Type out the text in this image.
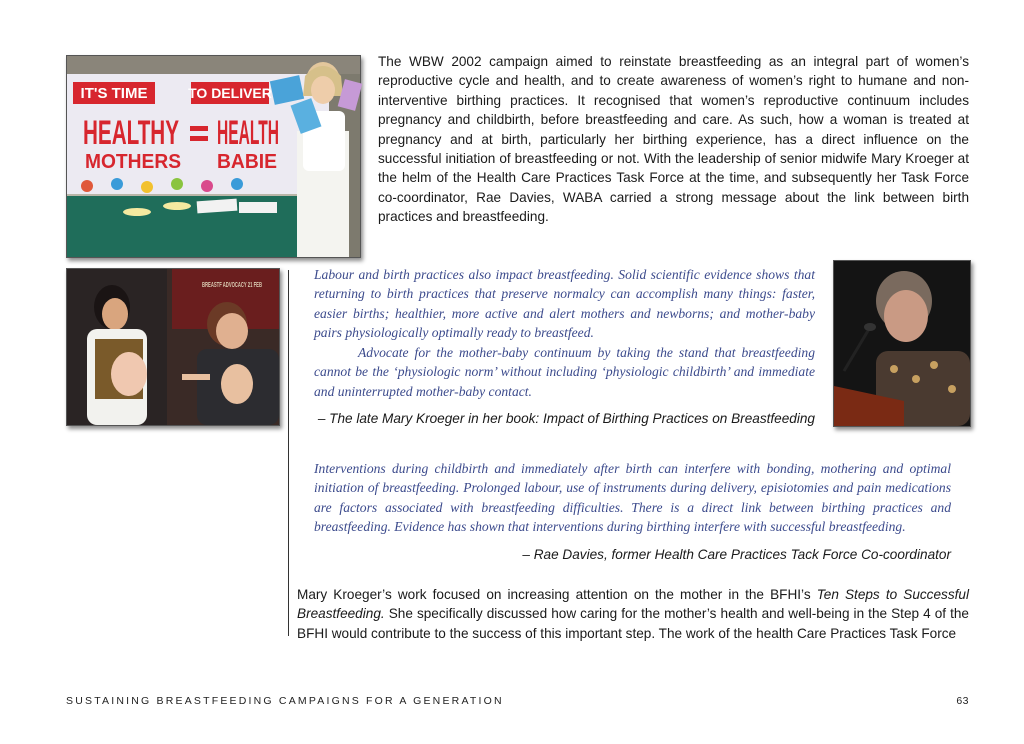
IT'S TIME	TO DELIVER
HEALTHY HEALTH
MOTHERS BABIE

The WBW 2002 campaign aimed to reinstate breastfeeding as an integral part of women’s reproductive cycle and health, and to create awareness of women’s right to humane and non-interventive birthing practices. It recognised that women’s reproductive continuum includes pregnancy and childbirth, before breastfeeding and care. As such, how a woman is treated at pregnancy and at birth, particularly her birthing experience, has a direct influence on the successful initiation of breastfeeding or not. With the leadership of senior midwife Mary Kroeger at the helm of the Health Care Practices Task Force at the time, and subsequently her Task Force co-coordinator, Rae Davies, WABA carried a strong message about the link between birth practices and breastfeeding.

BREASTF ADVOCACY 21 FEB

Labour and birth practices also impact breastfeeding. Solid scientific evidence shows that returning to birth practices that preserve normalcy can accomplish many things: faster, easier births; healthier, more active and alert mothers and newborns; and mother-baby pairs physiologically optimally ready to breastfeed.

Advocate for the mother-baby continuum by taking the stand that breastfeeding cannot be the ‘physiologic norm’ without including ‘physiologic childbirth’ and immediate and uninterrupted mother-baby contact.

– The late Mary Kroeger in her book: Impact of Birthing Practices on Breastfeeding

Interventions during childbirth and immediately after birth can interfere with bonding, mothering and optimal initiation of breastfeeding. Prolonged labour, use of instruments during delivery, episiotomies and pain medications are factors associated with breastfeeding difficulties. There is a direct link between birthing practices and breastfeeding. Evidence has shown that interventions during birthing interfere with successful breastfeeding.

– Rae Davies, former Health Care Practices Tack Force Co-coordinator

Mary Kroeger’s work focused on increasing attention on the mother in the BFHI’s Ten Steps to Successful Breastfeeding. She specifically discussed how caring for the mother’s health and well-being in the Step 4 of the BFHI would contribute to the success of this important step. The work of the health Care Practices Task Force

SUSTAINING BREASTFEEDING CAMPAIGNS FOR A GENERATION	63
